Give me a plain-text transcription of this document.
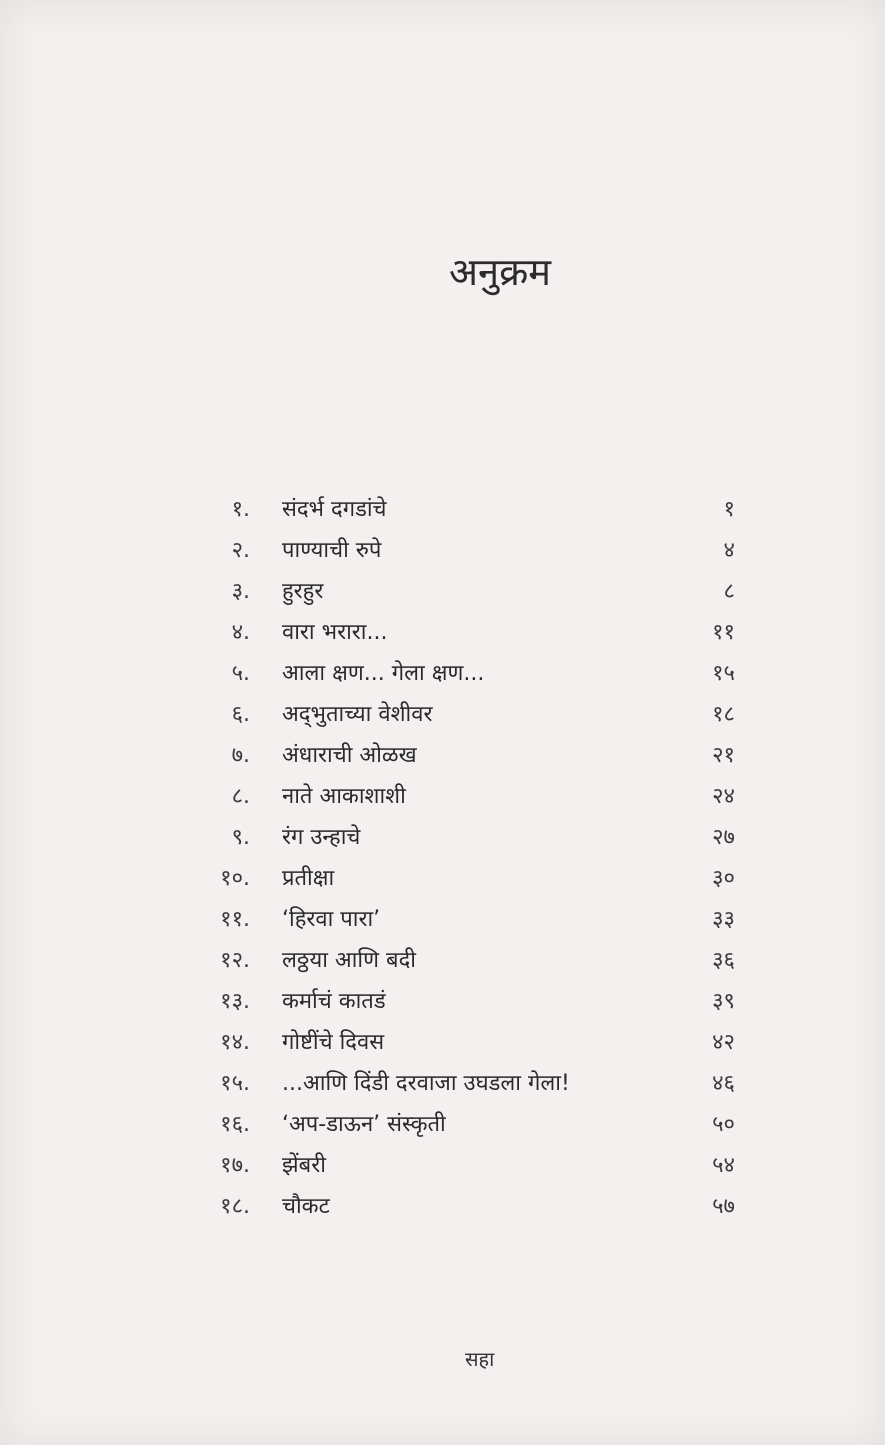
अनुक्रम
१. संदर्भ दगडांचे	१
२. पाण्याची रुपे	४
३. हुरहुर	८
४. वारा भरारा...	११
५. आला क्षण... गेला क्षण...	१५
६. अद्‌भुताच्या वेशीवर	१८
७. अंधाराची ओळख	२१
८. नाते आकाशाशी	२४
९. रंग उन्हाचे	२७
१०. प्रतीक्षा	३०
११. ‘हिरवा पारा’	३३
१२. लठ्ठया आणि बदी	३६
१३. कर्माचं कातडं	३९
१४. गोष्टींचे दिवस	४२
१५. ...आणि दिंडी दरवाजा उघडला गेला!	४६
१६. ‘अप-डाऊन’ संस्कृती	५०
१७. झेंबरी	५४
१८. चौकट	५७
सहा
